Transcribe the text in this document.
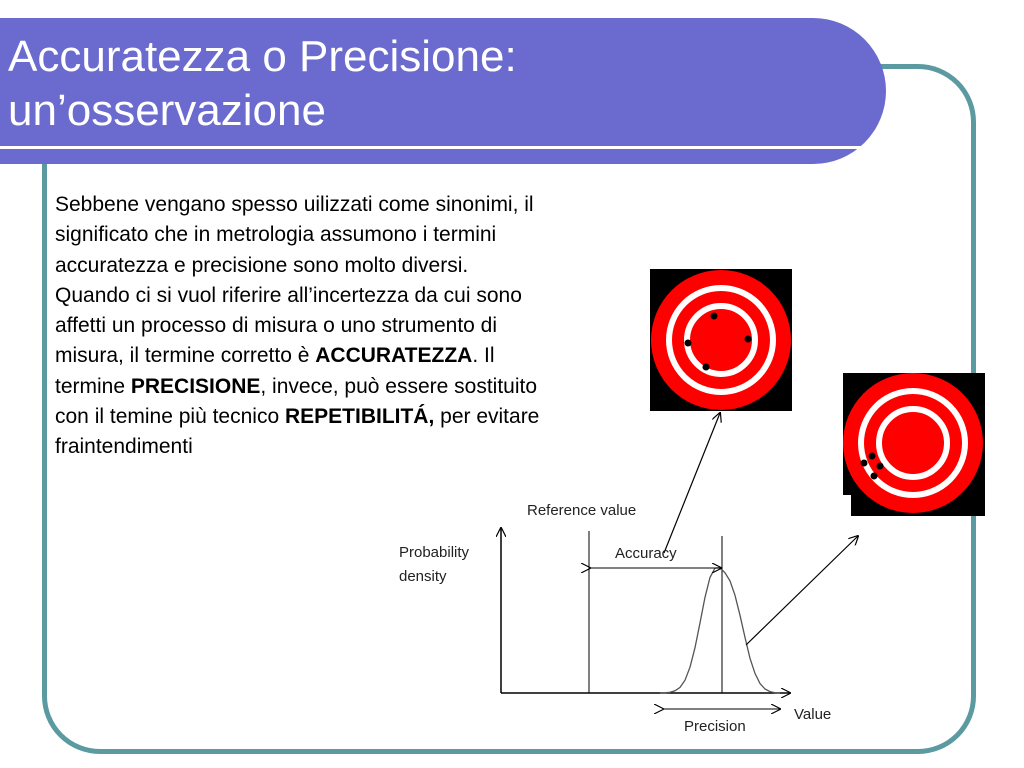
Accuratezza o Precisione:
un’osservazione

Sebbene vengano spesso uilizzati come sinonimi, il significato che in metrologia assumono i termini accuratezza e precisione sono molto diversi.

Quando ci si vuol riferire all’incertezza da cui sono affetti un processo di misura o uno strumento di misura, il termine corretto è ACCURATEZZA. Il termine PRECISIONE, invece, può essere sostituito con il temine più tecnico REPETIBILITÁ, per evitare fraintendimenti

Reference value
Accuracy
Precision
Value
Probability
density
